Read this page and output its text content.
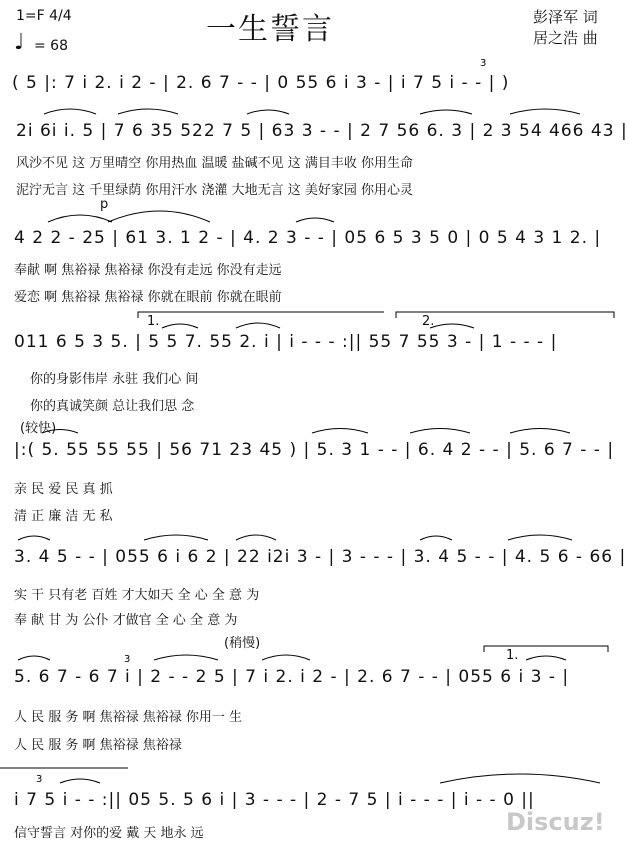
1=F 4/4
♩ = 68	一生誓言	彭泽军 词
居之浩 曲
( 5 |: 7 i 2. i 2 - | 2. 6 7 - - | 0 55 6 i 3 - | i 7 5 i - - | )
2i 6i i. 5 | 7 6 35 522 7 5 | 63 3 - - | 2 7 56 6. 3 | 2 3 54 466 43 |
风沙不见 这 万里晴空 你用热血 温暖 盐碱不见 这 满目丰收 你用生命
泥泞无言 这 千里绿荫 你用汗水 浇灌 大地无言 这 美好家园 你用心灵
p
4 2 2 - 25 | 61 3. 1 2 - | 4. 2 3 - - | 05 6 5 3 5 0 | 0 5 4 3 1 2. |
奉献 啊 焦裕禄 焦裕禄 你没有走远 你没有走远
爱恋 啊 焦裕禄 焦裕禄 你就在眼前 你就在眼前
1.	2.
011 6 5 3 5. | 5 5 7. 55 2. i | i - - - :|| 55 7 55 3 - | 1 - - - |
你的身影伟岸 永驻 我们心 间
你的真诚笑颜 总让我们思 念
(较快)
|:( 5. 55 55 55 | 56 71 23 45 ) | 5. 3 1 - - | 6. 4 2 - - | 5. 6 7 - - |
亲 民 爱 民 真 抓
清 正 廉 洁 无 私
3. 4 5 - - | 055 6 i 6 2 | 22 i2i 3 - | 3 - - - | 3. 4 5 - - | 4. 5 6 - 66 |
实 干 只有老 百姓 才大如天 全 心 全 意 为
奉 献 甘 为 公仆 才做官 全 心 全 意 为
(稍慢)
1.
5. 6 7 - 6 7 i | 2 - - 2 5 | 7 i 2. i 2 - | 2. 6 7 - - | 055 6 i 3 - |
人 民 服 务 啊 焦裕禄 焦裕禄 你用一 生
人 民 服 务 啊 焦裕禄 焦裕禄
i 7 5 i - - :|| 05 5. 5 6 i | 3 - - - | 2 - 7 5 | i - - - | i - - 0 ||
信守誓言 对你的爱 戴 天 地永 远
3
3
3
Discuz!
